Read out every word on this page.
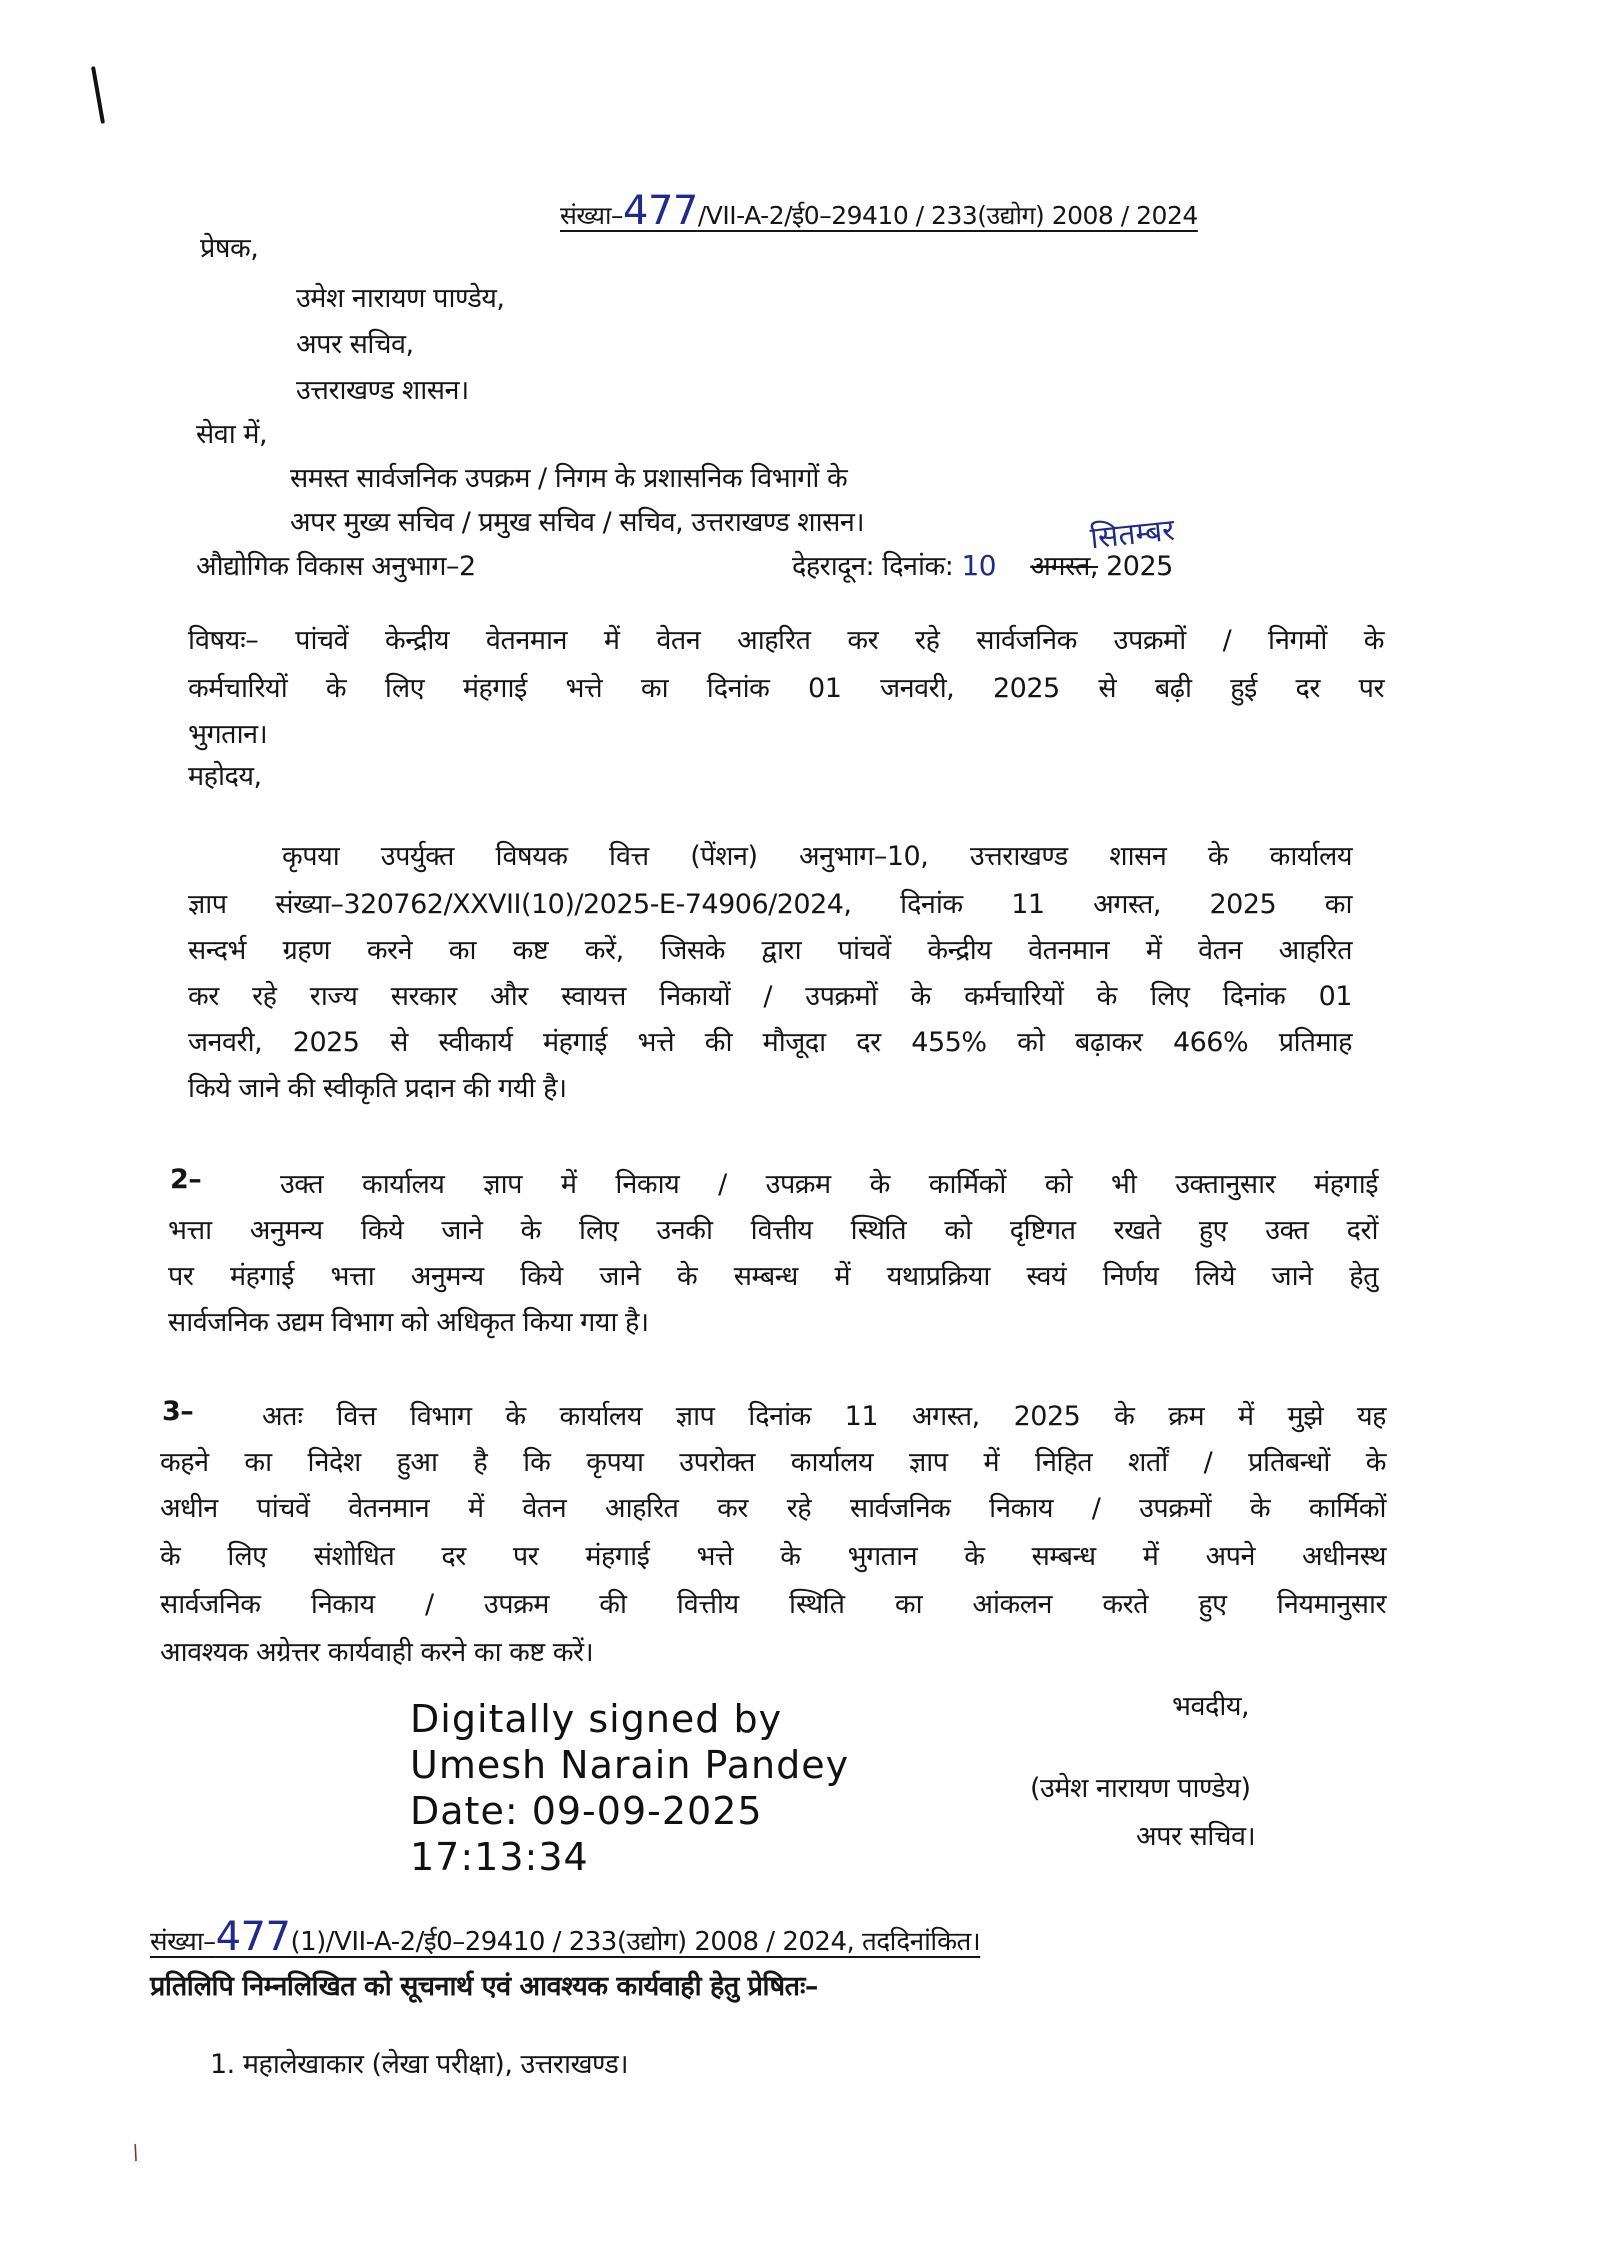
संख्या–477/VII-A-2/ई0–29410 / 233(उद्योग) 2008 / 2024
प्रेषक,
उमेश नारायण पाण्डेय,
अपर सचिव,
उत्तराखण्ड शासन।
सेवा में,
समस्त सार्वजनिक उपक्रम / निगम के प्रशासनिक विभागों के
अपर मुख्य सचिव / प्रमुख सचिव / सचिव, उत्तराखण्ड शासन।
औद्योगिक विकास अनुभाग–2	देहरादून: दिनांक: 10 अगस्त, 2025
सितम्बर
विषयः– पांचवें केन्द्रीय वेतनमान में वेतन आहरित कर रहे सार्वजनिक उपक्रमों / निगमों के
कर्मचारियों के लिए मंहगाई भत्ते का दिनांक 01 जनवरी, 2025 से बढ़ी हुई दर पर
भुगतान।
महोदय,
कृपया उपर्युक्त विषयक वित्त (पेंशन) अनुभाग–10, उत्तराखण्ड शासन के कार्यालय
ज्ञाप संख्या–320762/XXVII(10)/2025-E-74906/2024, दिनांक 11 अगस्त, 2025 का
सन्दर्भ ग्रहण करने का कष्ट करें, जिसके द्वारा पांचवें केन्द्रीय वेतनमान में वेतन आहरित
कर रहे राज्य सरकार और स्वायत्त निकायों / उपक्रमों के कर्मचारियों के लिए दिनांक 01
जनवरी, 2025 से स्वीकार्य मंहगाई भत्ते की मौजूदा दर 455% को बढ़ाकर 466% प्रतिमाह
किये जाने की स्वीकृति प्रदान की गयी है।
2–	उक्त कार्यालय ज्ञाप में निकाय / उपक्रम के कार्मिकों को भी उक्तानुसार मंहगाई
भत्ता अनुमन्य किये जाने के लिए उनकी वित्तीय स्थिति को दृष्टिगत रखते हुए उक्त दरों
पर मंहगाई भत्ता अनुमन्य किये जाने के सम्बन्ध में यथाप्रक्रिया स्वयं निर्णय लिये जाने हेतु
सार्वजनिक उद्यम विभाग को अधिकृत किया गया है।
3–	अतः वित्त विभाग के कार्यालय ज्ञाप दिनांक 11 अगस्त, 2025 के क्रम में मुझे यह
कहने का निदेश हुआ है कि कृपया उपरोक्त कार्यालय ज्ञाप में निहित शर्तों / प्रतिबन्धों के
अधीन पांचवें वेतनमान में वेतन आहरित कर रहे सार्वजनिक निकाय / उपक्रमों के कार्मिकों
के लिए संशोधित दर पर मंहगाई भत्ते के भुगतान के सम्बन्ध में अपने अधीनस्थ
सार्वजनिक निकाय / उपक्रम की वित्तीय स्थिति का आंकलन करते हुए नियमानुसार
आवश्यक अग्रेत्तर कार्यवाही करने का कष्ट करें।
भवदीय,
Digitally signed by
Umesh Narain Pandey
Date: 09-09-2025
17:13:34
(उमेश नारायण पाण्डेय)
अपर सचिव।
संख्या–477(1)/VII-A-2/ई0–29410 / 233(उद्योग) 2008 / 2024, तददिनांकित।
प्रतिलिपि निम्नलिखित को सूचनार्थ एवं आवश्यक कार्यवाही हेतु प्रेषितः–
1. महालेखाकार (लेखा परीक्षा), उत्तराखण्ड।
/
